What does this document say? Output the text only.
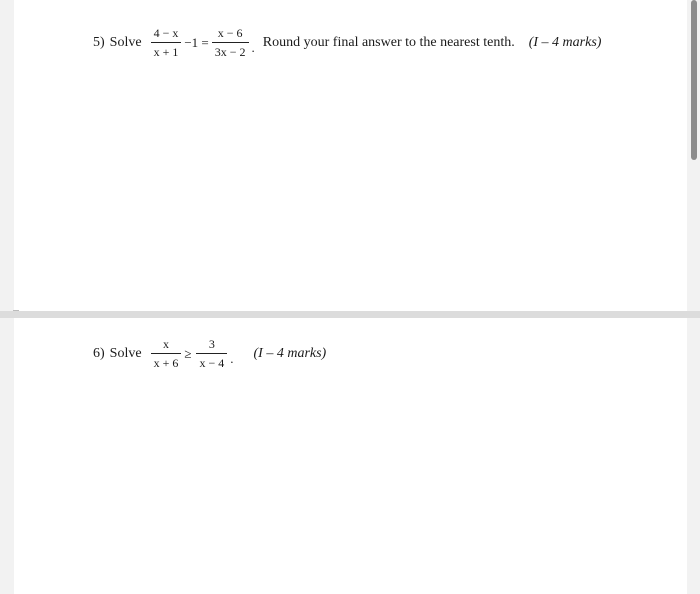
5) Solve $\frac{4 - x}{x + 1} -1 = \frac{x - 6}{3x - 2}$ . Round your final answer to the nearest tenth. (I – 4 marks)
6) Solve $\frac{x}{x + 6} \ge \frac{3}{x - 4}$ . (I – 4 marks)
